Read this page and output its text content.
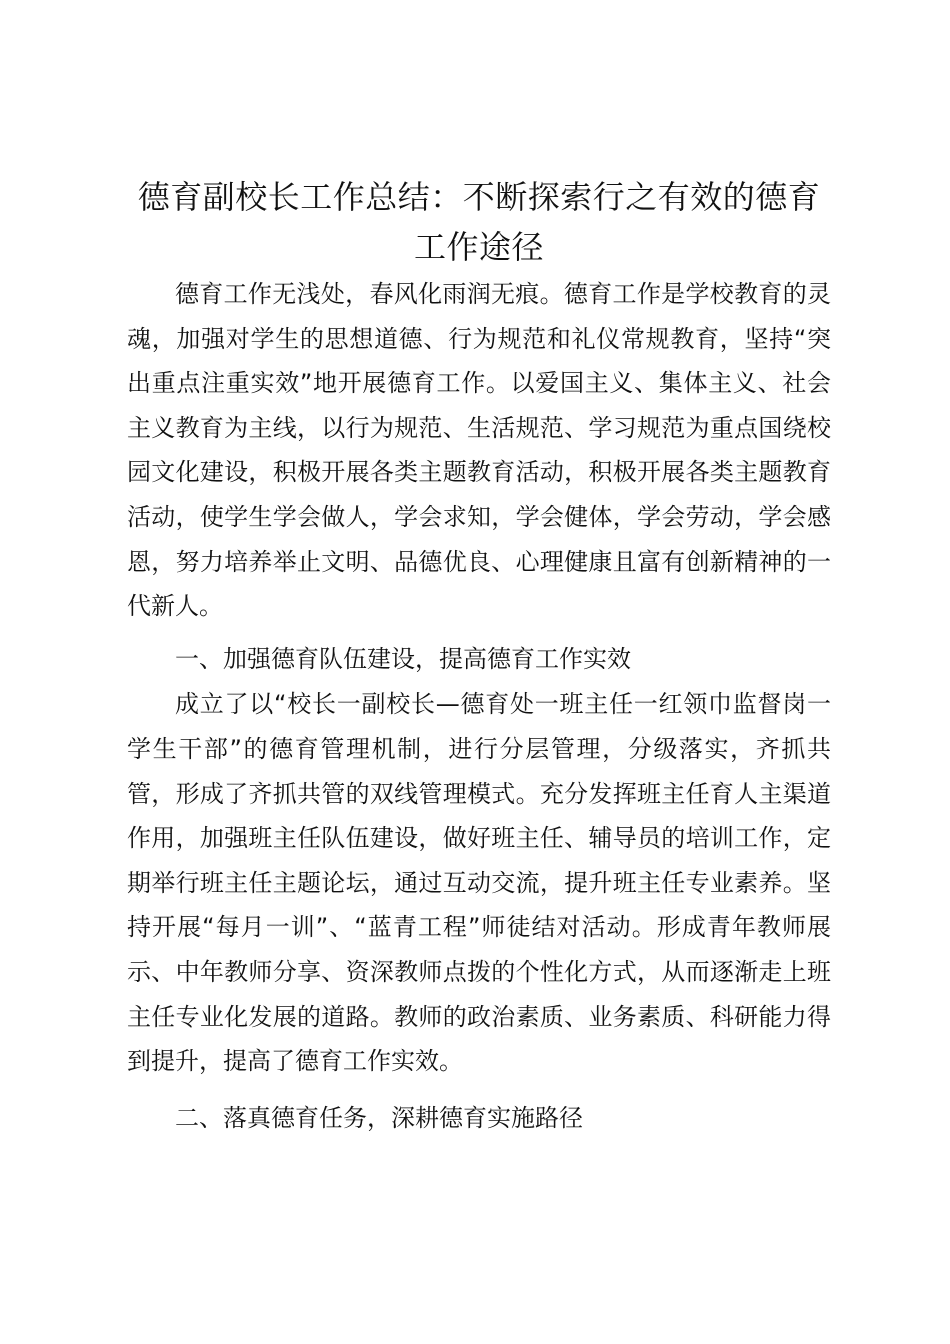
德育副校长工作总结：不断探索行之有效的德育工作途径

德育工作无浅处，春风化雨润无痕。德育工作是学校教育的灵魂，加强对学生的思想道德、行为规范和礼仪常规教育，坚持“突出重点注重实效”地开展德育工作。以爱国主义、集体主义、社会主义教育为主线，以行为规范、生活规范、学习规范为重点国绕校园文化建设，积极开展各类主题教育活动，积极开展各类主题教育活动，使学生学会做人，学会求知，学会健体，学会劳动，学会感恩，努力培养举止文明、品德优良、心理健康且富有创新精神的一代新人。

一、加强德育队伍建设，提高德育工作实效

成立了以“校长一副校长—德育处一班主任一红领巾监督岗一学生干部”的德育管理机制，进行分层管理，分级落实，齐抓共管，形成了齐抓共管的双线管理模式。充分发挥班主任育人主渠道作用，加强班主任队伍建设，做好班主任、辅导员的培训工作，定期举行班主任主题论坛，通过互动交流，提升班主任专业素养。坚持开展“每月一训”、“蓝青工程”师徒结对活动。形成青年教师展示、中年教师分享、资深教师点拨的个性化方式，从而逐渐走上班主任专业化发展的道路。教师的政治素质、业务素质、科研能力得到提升，提高了德育工作实效。

二、落真德育任务，深耕德育实施路径
